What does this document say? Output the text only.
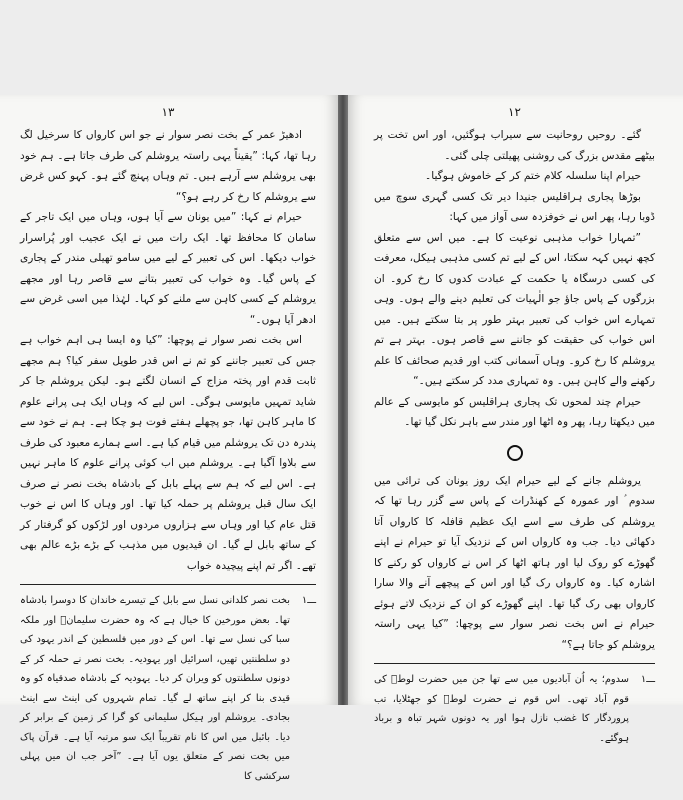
١٣

ادھیڑ عمر کے بخت نصر سوار نے جو اس کارواں کا سرخیل لگ رہا تھا، کہا: ”یقیناً یہی راستہ یروشلم کی طرف جاتا ہے۔ ہم خود بھی یروشلم سے آرہے ہیں۔ تم وہاں پہنچ گئے ہو۔ کہو کس غرض سے یروشلم کا رخ کر رہے ہو؟“

حیرام نے کہا: ”میں یونان سے آیا ہوں، وہاں میں ایک تاجر کے سامان کا محافظ تھا۔ ایک رات میں نے ایک عجیب اور پُراسرار خواب دیکھا۔ اس کی تعبیر کے لیے میں سامو تھیلی مندر کے پجاری کے پاس گیا۔ وہ خواب کی تعبیر بتانے سے قاصر رہا اور مجھے یروشلم کے کسی کاہن سے ملنے کو کہا۔ لہٰذا میں اسی غرض سے ادھر آیا ہوں۔“

اس بخت نصر سوار نے پوچھا: ”کیا وہ ایسا ہی اہم خواب ہے جس کی تعبیر جاننے کو تم نے اس قدر طویل سفر کیا؟ ہم مجھے ثابت قدم اور پختہ مزاج کے انسان لگتے ہو۔ لیکن یروشلم جا کر شاید تمہیں مایوسی ہوگی۔ اس لیے کہ وہاں ایک ہی پرانے علوم کا ماہر کاہن تھا، جو پچھلے ہفتے فوت ہو چکا ہے۔ ہم نے خود سے پندرہ دن تک یروشلم میں قیام کیا ہے۔ اسے ہمارے معبود کی طرف سے بلاوا آگیا ہے۔ یروشلم میں اب کوئی پرانے علوم کا ماہر نہیں ہے۔ اس لیے کہ ہم سے پہلے بابل کے بادشاہ بخت نصر نے صرف ایک سال قبل یروشلم پر حملہ کیا تھا۔ اور وہاں کا اس نے خوب قتل عام کیا اور وہاں سے ہزاروں مردوں اور لڑکوں کو گرفتار کر کے ساتھ بابل لے گیا۔ ان قیدیوں میں مذہب کے بڑے بڑے عالم بھی تھے۔ اگر تم اپنے پیچیدہ خواب

ـــ١
بخت نصر کلدانی نسل سے بابل کے تیسرے خاندان کا دوسرا بادشاہ تھا۔ بعض مورخین کا خیال ہے کہ وہ حضرت سلیمانؑ اور ملکہ سبا کی نسل سے تھا۔ اس کے دور میں فلسطین کے اندر یہود کی دو سلطنتیں تھیں، اسرائیل اور یہودیہ۔ بخت نصر نے حملہ کر کے دونوں سلطنتوں کو ویران کر دیا۔ یہودیہ کے بادشاہ صدقیاہ کو وہ قیدی بنا کر اپنے ساتھ لے گیا۔ تمام شہروں کی اینٹ سے اینٹ بجادی۔ یروشلم اور ہیکل سلیمانی کو گرا کر زمین کے برابر کر دیا۔ بائبل میں اس کا نام تقریباً ایک سو مرتبہ آیا ہے۔ قرآن پاک میں بخت نصر کے متعلق یوں آیا ہے۔ ”آخر جب ان میں پہلی سرکشی کا
١٢

گئے۔ روحیں روحانیت سے سیراب ہوگئیں، اور اس تخت پر بیٹھے مقدس بزرگ کی روشنی پھیلتی چلی گئی۔

حیرام اپنا سلسلہ کلام ختم کر کے خاموش ہوگیا۔

بوڑھا پجاری ہراقلیس جنیدا دیر تک کسی گہری سوچ میں ڈوبا رہا، پھر اس نے خوفزدہ سی آواز میں کہا:

”تمہارا خواب مذہبی نوعیت کا ہے۔ میں اس سے متعلق کچھ نہیں کہہ سکتا، اس کے لیے تم کسی مذہبی ہیکل، معرفت کی کسی درسگاہ یا حکمت کے عبادت کدوں کا رخ کرو۔ ان بزرگوں کے پاس جاؤ جو الٰہیات کی تعلیم دینے والے ہوں۔ وہی تمہارے اس خواب کی تعبیر بہتر طور پر بتا سکتے ہیں۔ میں اس خواب کی حقیقت کو جاننے سے قاصر ہوں۔ بہتر ہے تم یروشلم کا رخ کرو۔ وہاں آسمانی کتب اور قدیم صحائف کا علم رکھنے والے کاہن ہیں۔ وہ تمہاری مدد کر سکتے ہیں۔“

حیرام چند لمحوں تک پجاری ہراقلیس کو مایوسی کے عالم میں دیکھتا رہا، پھر وہ اٹھا اور مندر سے باہر نکل گیا تھا۔

یروشلم جانے کے لیے حیرام ایک روز یونان کی ترائی میں سدوم ؑ اور عمورہ کے کھنڈرات کے پاس سے گزر رہا تھا کہ یروشلم کی طرف سے اسے ایک عظیم قافلہ کا کارواں آتا دکھائی دیا۔ جب وہ کارواں اس کے نزدیک آیا تو حیرام نے اپنے گھوڑے کو روک لیا اور ہاتھ اٹھا کر اس نے کارواں کو رکنے کا اشارہ کیا۔ وہ کارواں رک گیا اور اس کے پیچھے آنے والا سارا کارواں بھی رک گیا تھا۔ اپنے گھوڑے کو ان کے نزدیک لاتے ہوئے حیرام نے اس بخت نصر سوار سے پوچھا: ”کیا یہی راستہ یروشلم کو جاتا ہے؟“

ـــ١
سدوم؛ یہ اُن آبادیوں میں سے تھا جن میں حضرت لوطؑ کی قوم آباد تھی۔ اس قوم نے حضرت لوطؑ کو جھٹلایا، تب پروردگار کا غضب نازل ہوا اور یہ دونوں شہر تباہ و برباد ہوگئے۔
